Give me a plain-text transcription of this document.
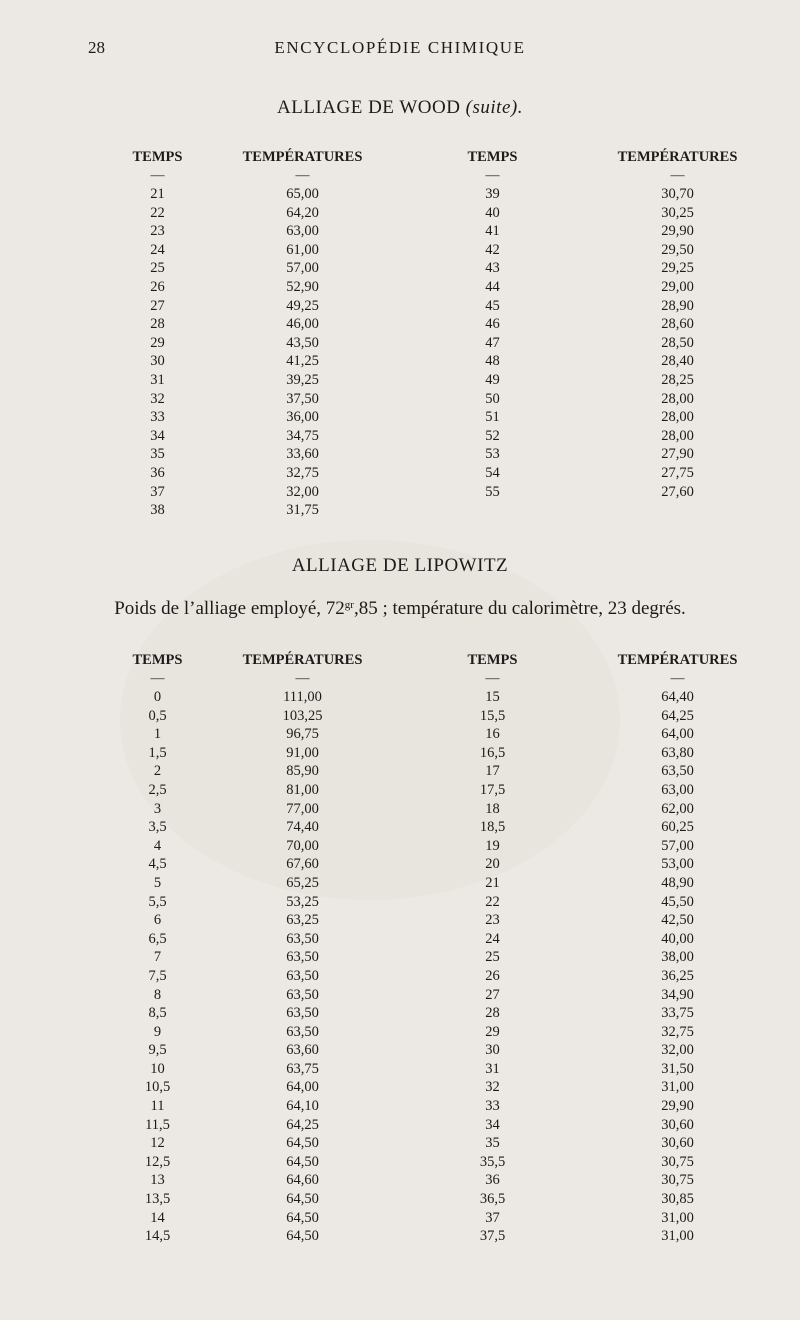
28	ENCYCLOPÉDIE CHIMIQUE
ALLIAGE DE WOOD (suite).
TEMPS	TEMPÉRATURES	TEMPS	TEMPÉRATURES
—	—	—	—
21	65,00	39	30,70
22	64,20	40	30,25
23	63,00	41	29,90
24	61,00	42	29,50
25	57,00	43	29,25
26	52,90	44	29,00
27	49,25	45	28,90
28	46,00	46	28,60
29	43,50	47	28,50
30	41,25	48	28,40
31	39,25	49	28,25
32	37,50	50	28,00
33	36,00	51	28,00
34	34,75	52	28,00
35	33,60	53	27,90
36	32,75	54	27,75
37	32,00	55	27,60
38	31,75		
ALLIAGE DE LIPOWITZ
Poids de l’alliage employé, $72^{gr},85$ ; température du calorimètre, 23 degrés.
TEMPS	TEMPÉRATURES	TEMPS	TEMPÉRATURES
—	—	—	—
0	111,00	15	64,40
0,5	103,25	15,5	64,25
1	96,75	16	64,00
1,5	91,00	16,5	63,80
2	85,90	17	63,50
2,5	81,00	17,5	63,00
3	77,00	18	62,00
3,5	74,40	18,5	60,25
4	70,00	19	57,00
4,5	67,60	20	53,00
5	65,25	21	48,90
5,5	53,25	22	45,50
6	63,25	23	42,50
6,5	63,50	24	40,00
7	63,50	25	38,00
7,5	63,50	26	36,25
8	63,50	27	34,90
8,5	63,50	28	33,75
9	63,50	29	32,75
9,5	63,60	30	32,00
10	63,75	31	31,50
10,5	64,00	32	31,00
11	64,10	33	29,90
11,5	64,25	34	30,60
12	64,50	35	30,60
12,5	64,50	35,5	30,75
13	64,60	36	30,75
13,5	64,50	36,5	30,85
14	64,50	37	31,00
14,5	64,50	37,5	31,00
